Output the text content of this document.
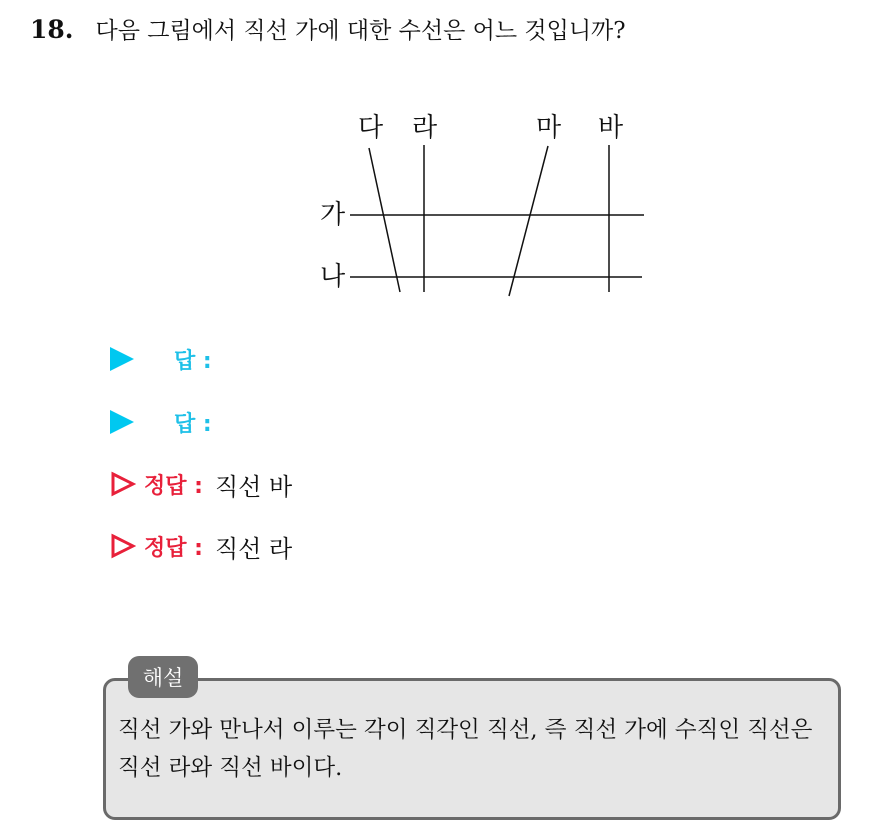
18. 다음 그림에서 직선 가에 대한 수선은 어느 것입니까?
다 라	마 바
가
나
답 :
답 :
정답 : 직선 바
정답 : 직선 라
해설
직선 가와 만나서 이루는 각이 직각인 직선, 즉 직선 가에 수직인 직선은 직선 라와 직선 바이다.
